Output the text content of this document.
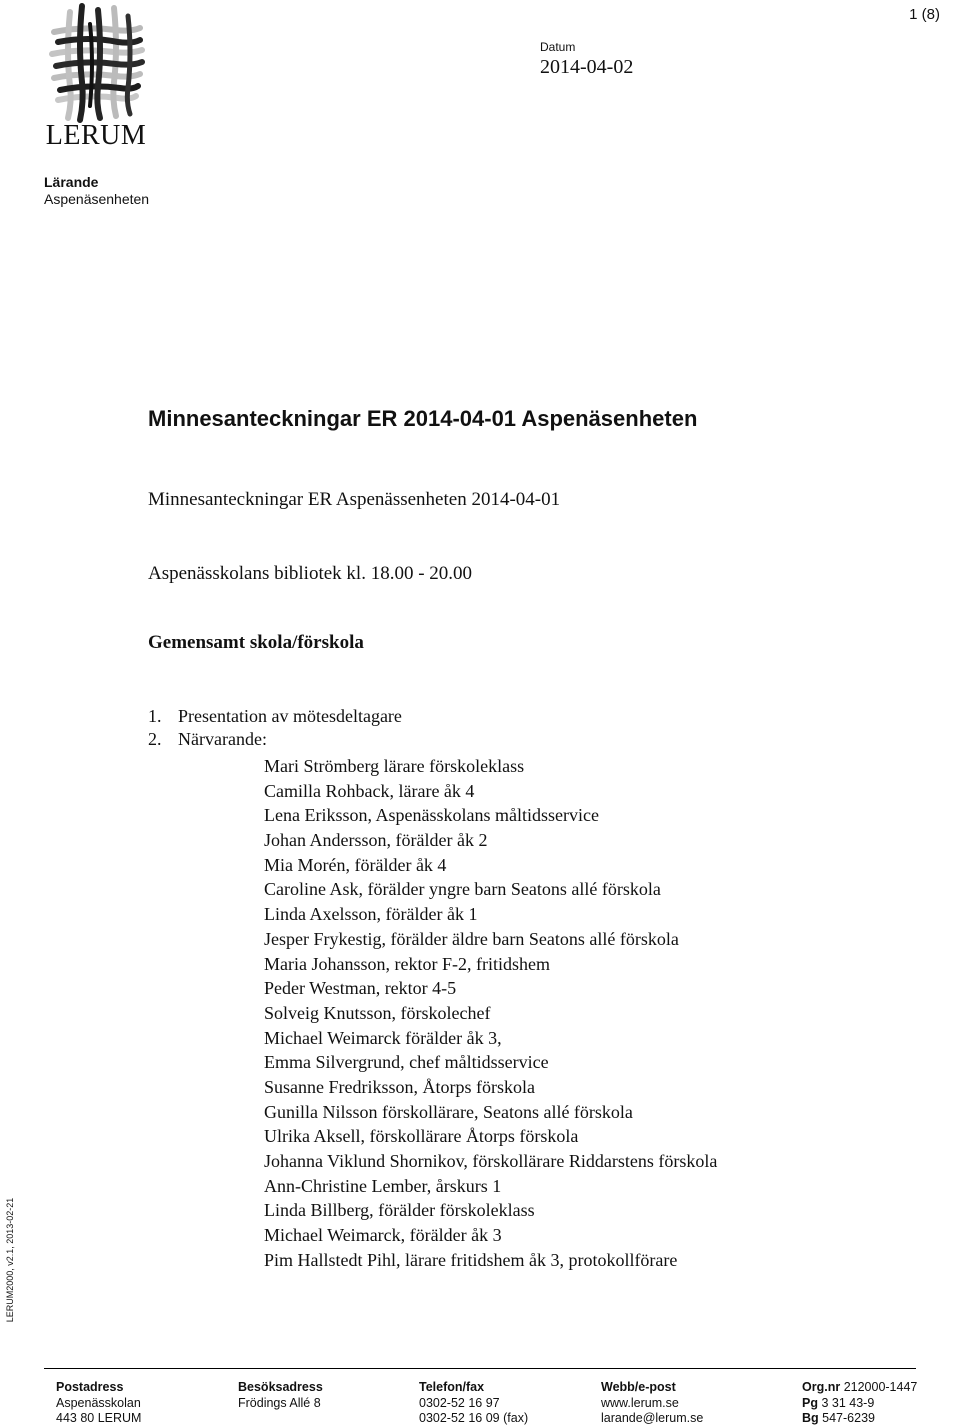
LERUM
1 (8)
Datum
2014-04-02
Lärande
Aspenäsenheten
Minnesanteckningar ER 2014-04-01 Aspenäsenheten
Minnesanteckningar ER Aspenässenheten 2014-04-01
Aspenässkolans bibliotek kl. 18.00 - 20.00
Gemensamt skola/förskola
1. Presentation av mötesdeltagare
2. Närvarande:
Mari Strömberg lärare förskoleklass
Camilla Rohback, lärare åk 4
Lena Eriksson, Aspenässkolans måltidsservice
Johan Andersson, förälder åk 2
Mia Morén, förälder åk 4
Caroline Ask, förälder yngre barn Seatons allé förskola
Linda Axelsson, förälder åk 1
Jesper Frykestig, förälder äldre barn Seatons allé förskola
Maria Johansson, rektor F-2, fritidshem
Peder Westman, rektor 4-5
Solveig Knutsson, förskolechef
Michael Weimarck förälder åk 3,
Emma Silvergrund, chef måltidsservice
Susanne Fredriksson, Åtorps förskola
Gunilla Nilsson förskollärare, Seatons allé förskola
Ulrika Aksell, förskollärare Åtorps förskola
Johanna Viklund Shornikov, förskollärare Riddarstens förskola
Ann-Christine Lember, årskurs 1
Linda Billberg, förälder förskoleklass
Michael Weimarck, förälder åk 3
Pim Hallstedt Pihl, lärare fritidshem åk 3, protokollförare
LERUM2000, v2.1, 2013-02-21
Postadress
Aspenässkolan
443 80 LERUM
Besöksadress
Frödings Allé 8
Telefon/fax
0302-52 16 97
0302-52 16 09 (fax)
Webb/e-post
www.lerum.se
larande@lerum.se
Org.nr 212000-1447
Pg 3 31 43-9
Bg 547-6239
